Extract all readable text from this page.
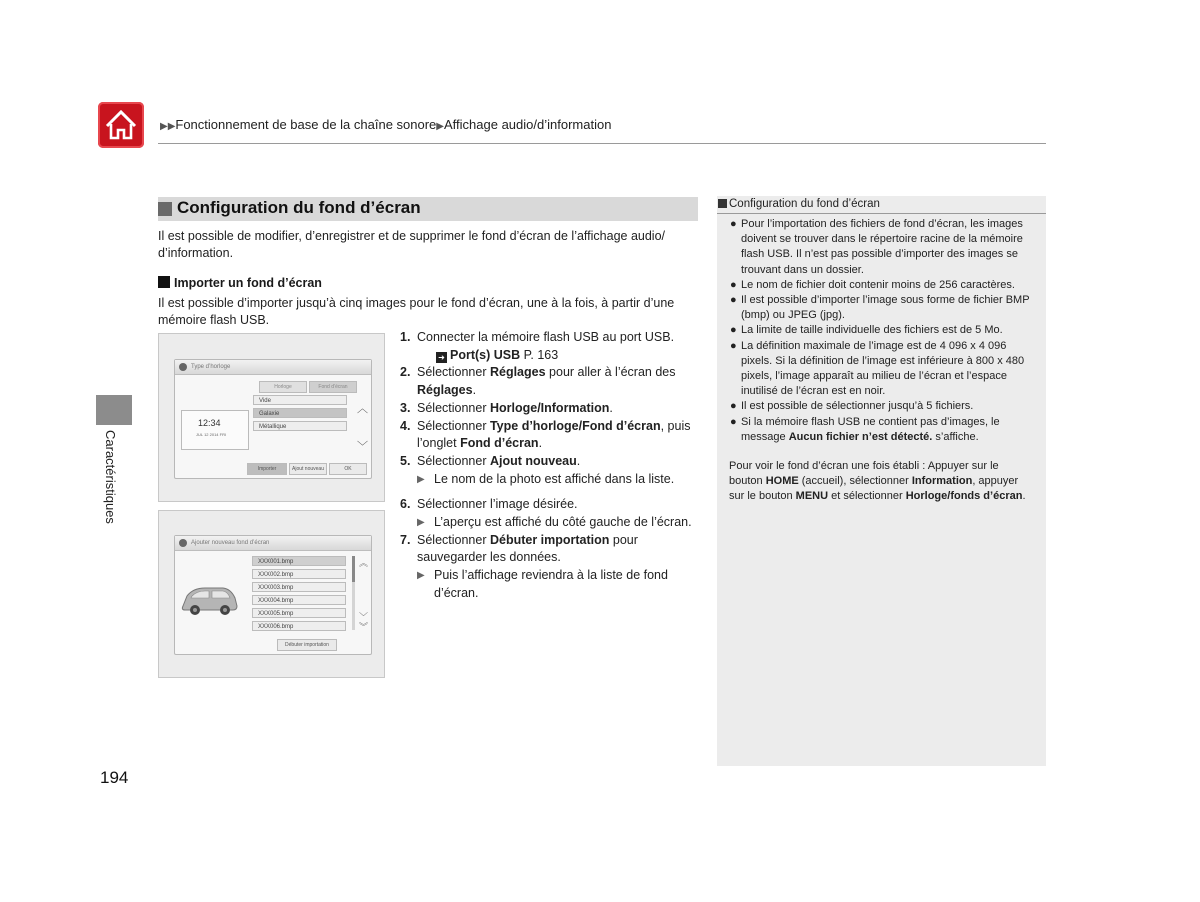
▶▶Fonctionnement de base de la chaîne sonore▶Affichage audio/d’information
Caractéristiques
194
Configuration du fond d’écran
Il est possible de modifier, d’enregistrer et de supprimer le fond d’écran de l’affichage audio/ d’information.
Importer un fond d’écran
Il est possible d’importer jusqu’à cinq images pour le fond d’écran, une à la fois, à partir d’une mémoire flash USB.
Type d’horloge
Horloge	Fond d’écran
12:34
JUL 12 2014 FRI
Vide
Galaxie
Métallique
︿
﹀
Importer	Ajout nouveau	OK
Ajouter nouveau fond d’écran
XXX001.bmp
XXX002.bmp
XXX003.bmp
XXX004.bmp
XXX005.bmp
XXX006.bmp
︽
﹀
︾
Débuter importation
1. Connecter la mémoire flash USB au port USB.
➜ Port(s) USB P. 163
2. Sélectionner Réglages pour aller à l’écran des Réglages.
3. Sélectionner Horloge/Information.
4. Sélectionner Type d’horloge/Fond d’écran, puis l’onglet Fond d’écran.
5. Sélectionner Ajout nouveau.
▶ Le nom de la photo est affiché dans la liste.
6. Sélectionner l’image désirée.
▶ L’aperçu est affiché du côté gauche de l’écran.
7. Sélectionner Débuter importation pour sauvegarder les données.
▶ Puis l’affichage reviendra à la liste de fond d’écran.
Configuration du fond d’écran
● Pour l’importation des fichiers de fond d’écran, les images doivent se trouver dans le répertoire racine de la mémoire flash USB. Il n’est pas possible d’importer des images se trouvant dans un dossier.
● Le nom de fichier doit contenir moins de 256 caractères.
● Il est possible d’importer l’image sous forme de fichier BMP (bmp) ou JPEG (jpg).
● La limite de taille individuelle des fichiers est de 5 Mo.
● La définition maximale de l’image est de 4 096 x 4 096 pixels. Si la définition de l’image est inférieure à 800 x 480 pixels, l’image apparaît au milieu de l’écran et l’espace inutilisé de l’écran est en noir.
● Il est possible de sélectionner jusqu’à 5 fichiers.
● Si la mémoire flash USB ne contient pas d’images, le message Aucun fichier n’est détecté. s’affiche.
Pour voir le fond d’écran une fois établi : Appuyer sur le bouton HOME (accueil), sélectionner Information, appuyer sur le bouton MENU et sélectionner Horloge/fonds d’écran.
